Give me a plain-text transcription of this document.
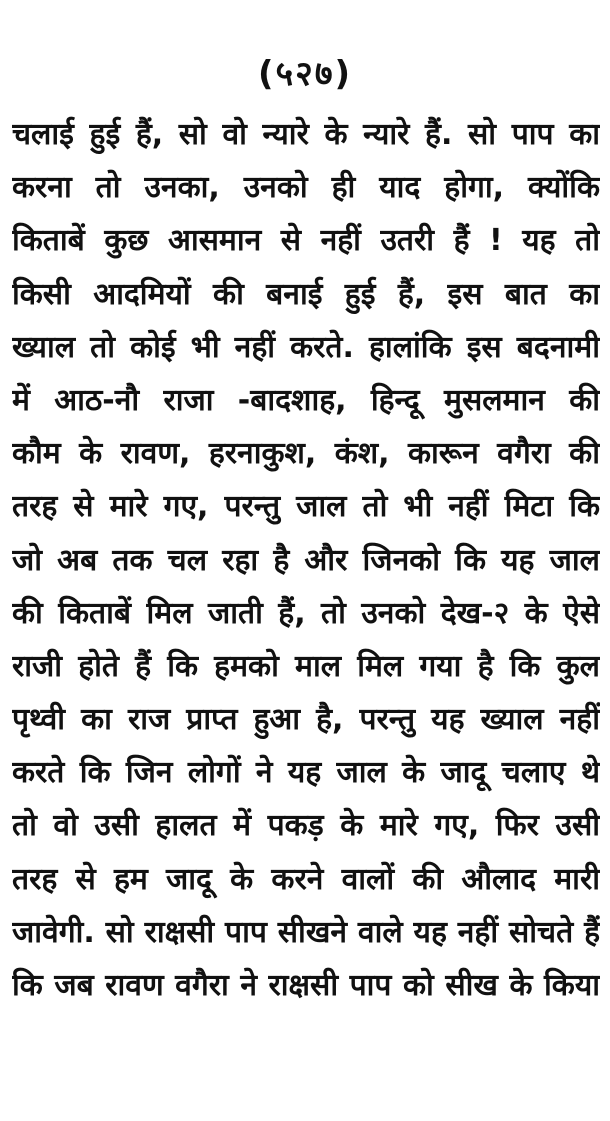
(५२७)
चलाई हुई हैं, सो वो न्यारे के न्यारे हैं. सो पाप का
करना तो उनका, उनको ही याद होगा, क्योंकि
किताबें कुछ आसमान से नहीं उतरी हैं ! यह तो
किसी आदमियों की बनाई हुई हैं, इस बात का
ख्याल तो कोई भी नहीं करते. हालांकि इस बदनामी
में आठ-नौ राजा -बादशाह, हिन्दू मुसलमान की
कौम के रावण, हरनाकुश, कंश, कारून वगैरा की
तरह से मारे गए, परन्तु जाल तो भी नहीं मिटा कि
जो अब तक चल रहा है और जिनको कि यह जाल
की किताबें मिल जाती हैं, तो उनको देख-२ के ऐसे
राजी होते हैं कि हमको माल मिल गया है कि कुल
पृथ्वी का राज प्राप्त हुआ है, परन्तु यह ख्याल नहीं
करते कि जिन लोगों ने यह जाल के जादू चलाए थे
तो वो उसी हालत में पकड़ के मारे गए, फिर उसी
तरह से हम जादू के करने वालों की औलाद मारी
जावेगी. सो राक्षसी पाप सीखने वाले यह नहीं सोचते हैं
कि जब रावण वगैरा ने राक्षसी पाप को सीख के किया
